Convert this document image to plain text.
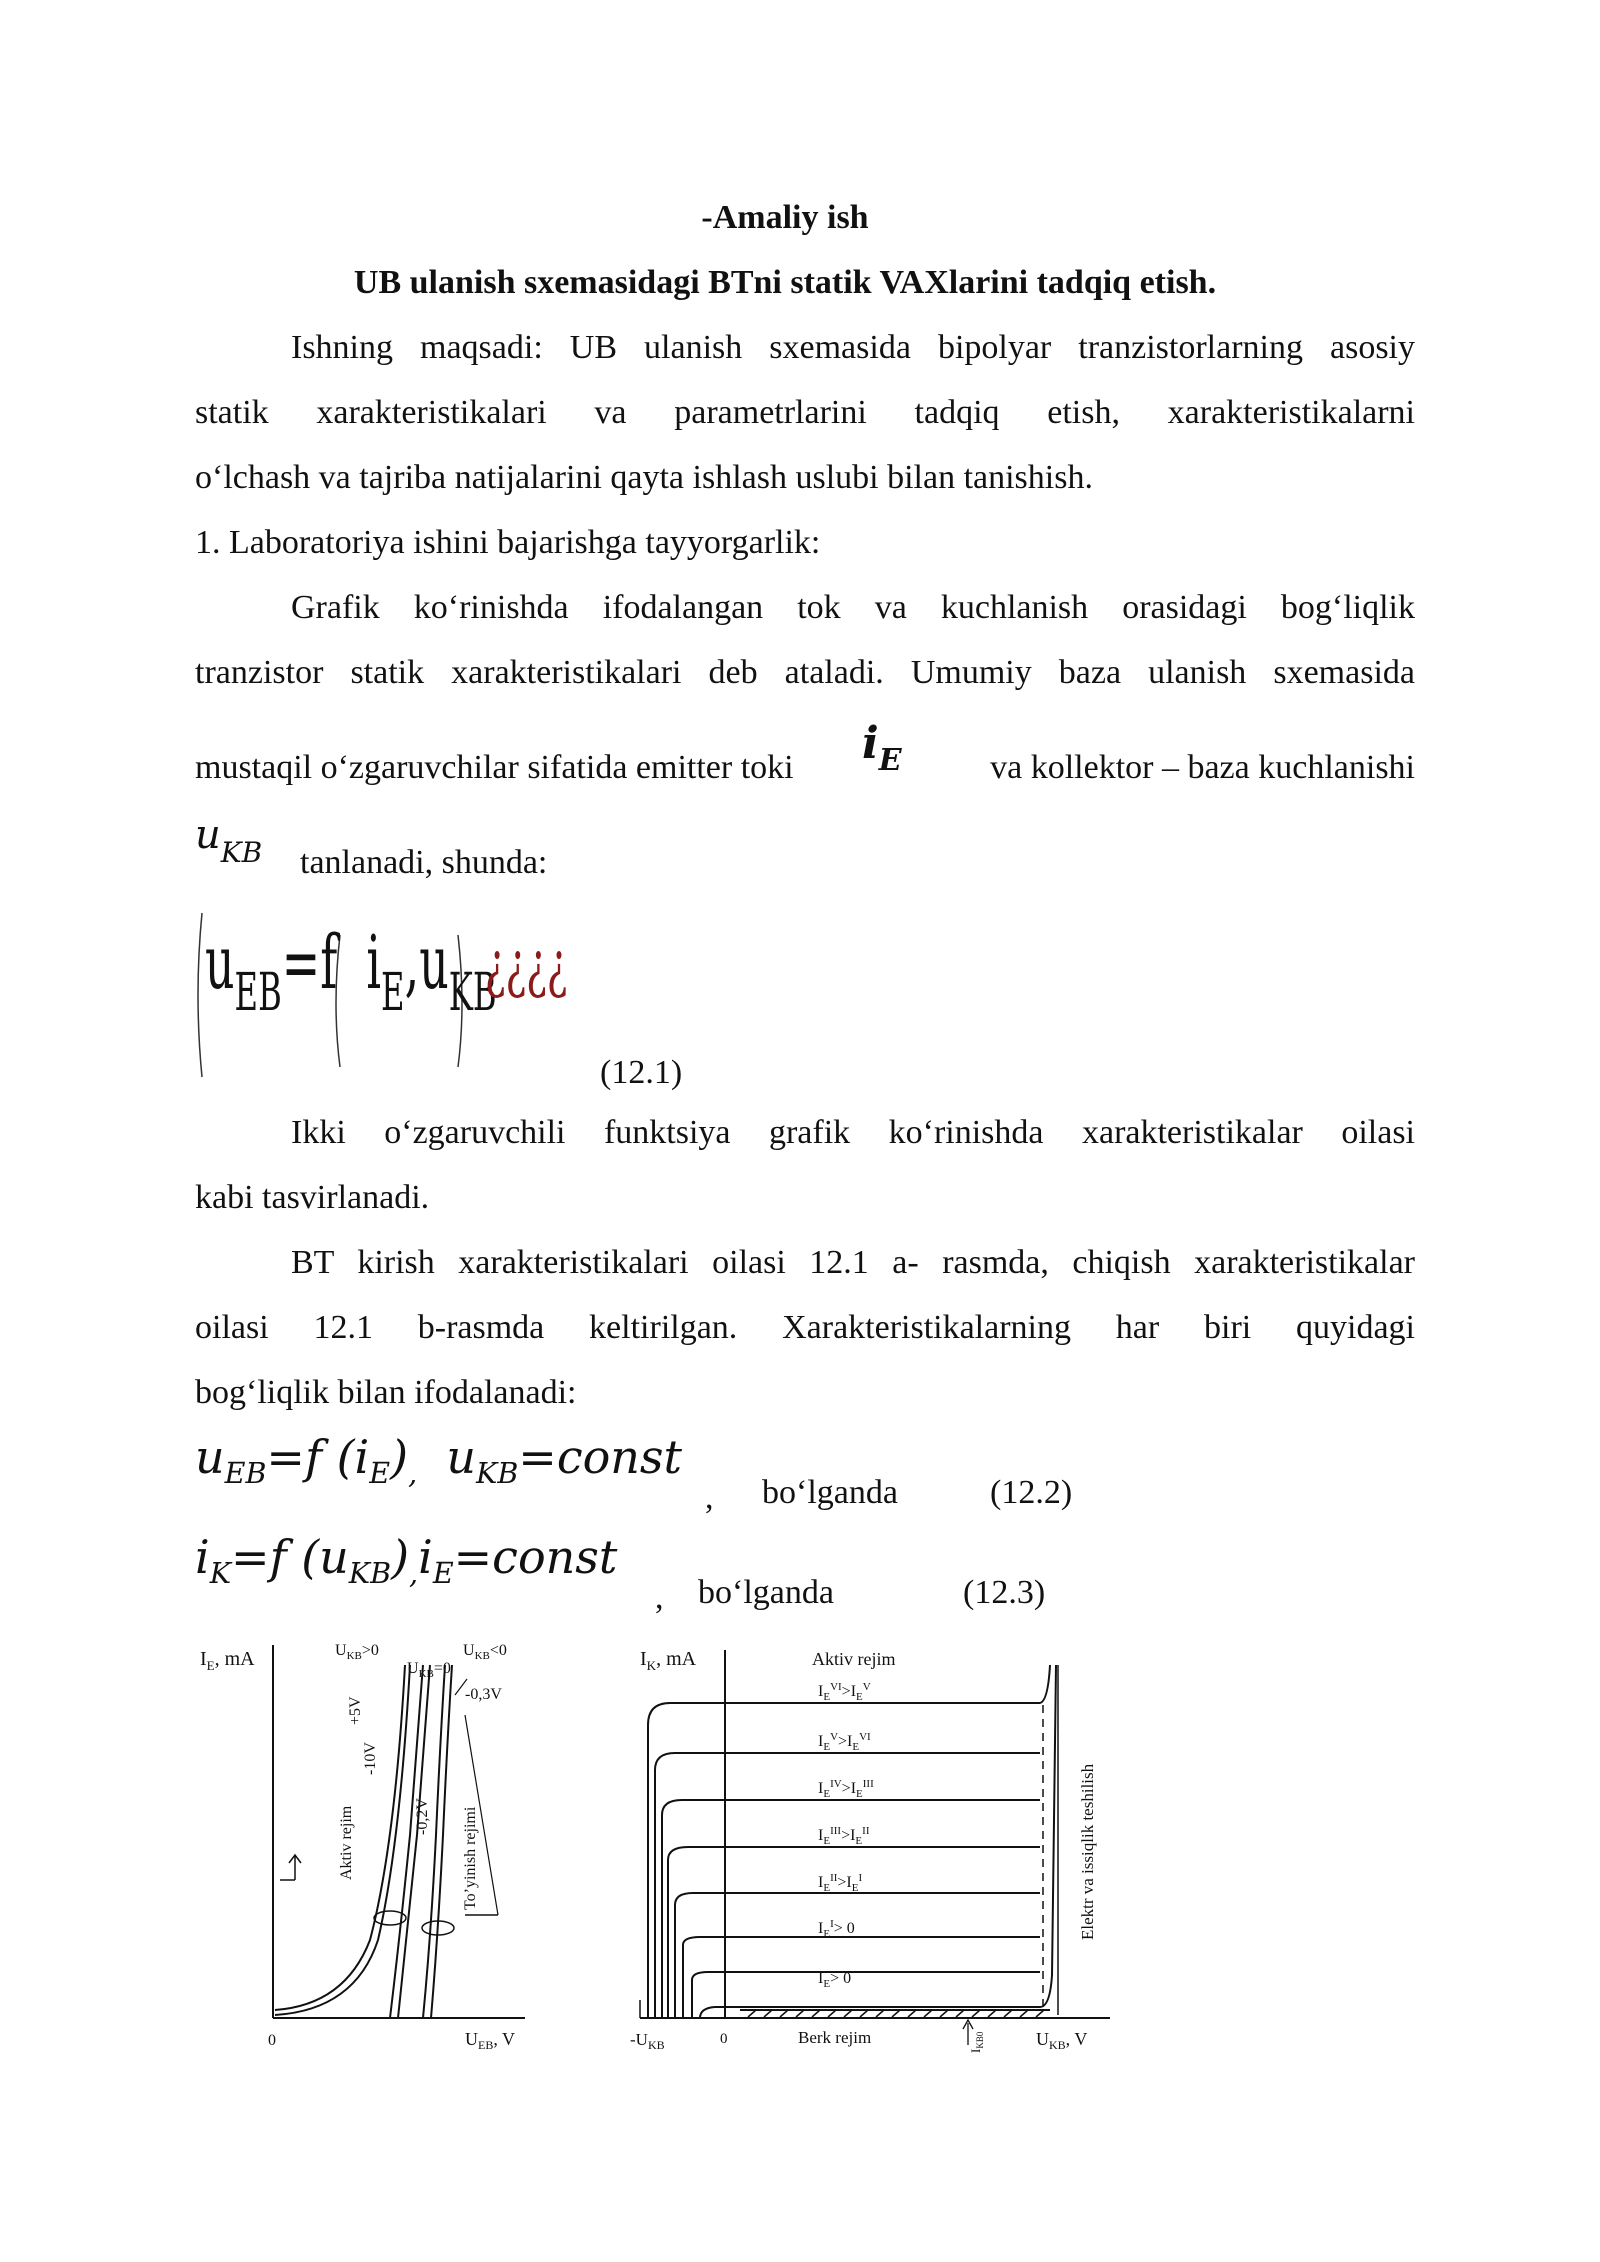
-Amaliy ish
UB ulanish sxemasidagi BTni statik VAXlarini tadqiq etish.
Ishning maqsadi: UB ulanish sxemasida bipolyar tranzistorlarning asosiy
statik xarakteristikalari va parametrlarini tadqiq etish, xarakteristikalarni
o‘lchash va tajriba natijalarini qayta ishlash uslubi bilan tanishish.
1. Laboratoriya ishini bajarishga tayyorgarlik:
Grafik ko‘rinishda ifodalangan tok va kuchlanish orasidagi bog‘liqlik
tranzistor statik xarakteristikalari deb ataladi. Umumiy baza ulanish sxemasida
mustaqil o‘zgaruvchilar sifatida emitter toki	$i_E$	va kollektor – baza kuchlanishi
$u_{KB}$ tanlanadi, shunda:
$u_{EB}=f$ $i_E,u_{KB}$
¿¿¿¿
(12.1)
Ikki o‘zgaruvchili funktsiya grafik ko‘rinishda xarakteristikalar oilasi
kabi tasvirlanadi.
BT kirish xarakteristikalari oilasi 12.1 a- rasmda, chiqish xarakteristikalar
oilasi 12.1 b-rasmda keltirilgan. Xarakteristikalarning har biri quyidagi
bog‘liqlik bilan ifodalanadi:
$u_{EB}=f$ $(i_E)_,$ $u_{KB}=const$
,	bo‘lganda	(12.2)
$i_K=f$ $(u_{KB})_,i_E=const$
,	bo‘lganda	(12.3)
$I_E$, mA	$U_{KB}>0$
$U_{KB}=0$
$U_{KB}<0$
-0,3V
+5V
-10V
-0,2V
Aktiv rejim	To’yinish rejimi
0	$U_{EB}$, V
$I_K$, mA	Aktiv rejim
$I_E^{VI}>I_E^V$
$I_E^V>I_E^{VI}$
$I_E^{IV}>I_E^{III}$
$I_E^{III}>I_E^{II}$
$I_E^{II}>I_E^I$
$I_E^I> 0$
$I_E> 0$
Elektr va issiqlik teshilish
$-U_{KB}$	0	Berk rejim
$I_{KB0}$	$U_{KB}$, V
